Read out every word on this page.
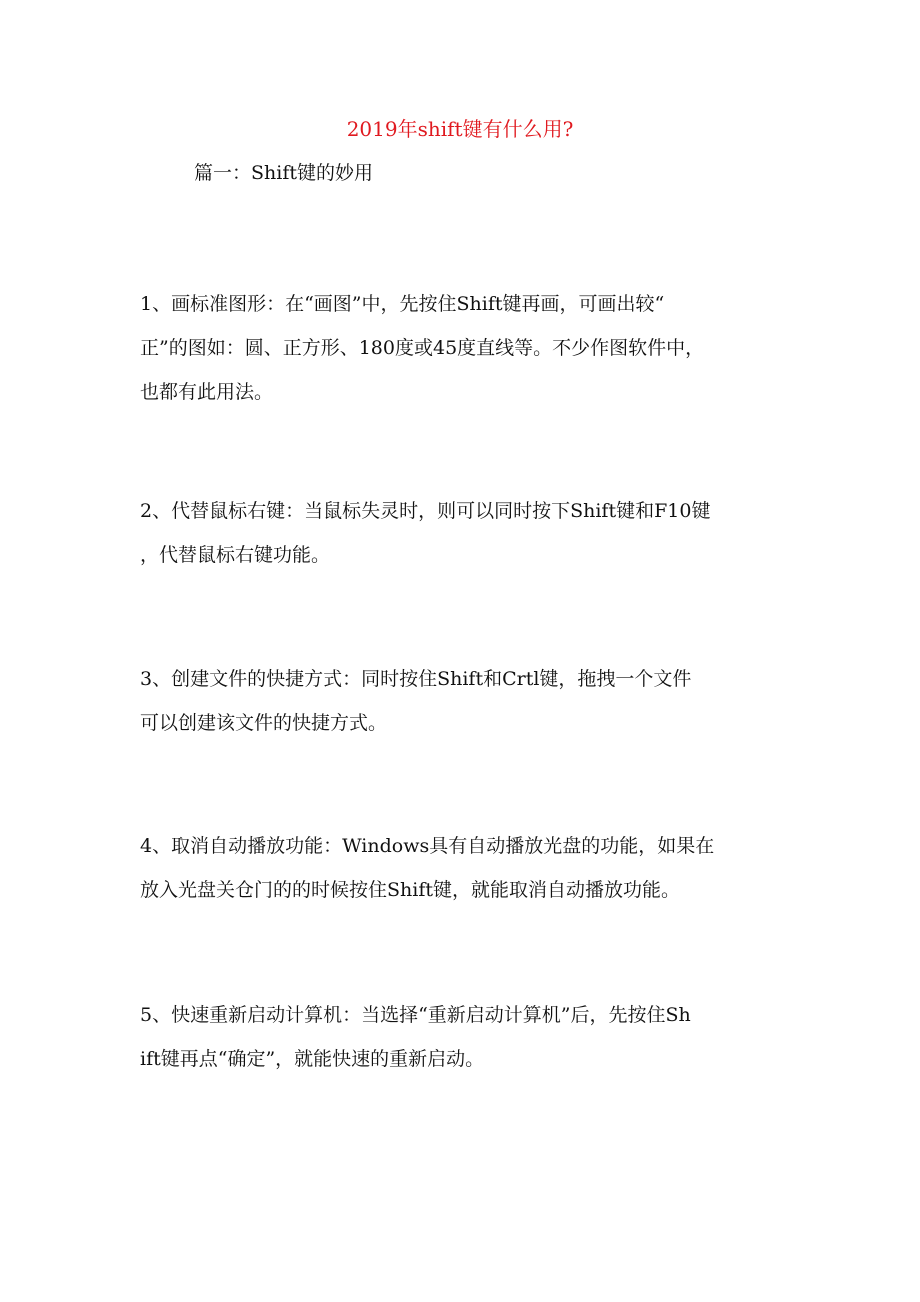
2019年shift键有什么用?
篇一：Shift键的妙用
1、画标准图形：在“画图”中，先按住Shift键再画，可画出较“
正”的图如：圆、正方形、180度或45度直线等。不少作图软件中，
也都有此用法。
2、代替鼠标右键：当鼠标失灵时，则可以同时按下Shift键和F10键
，代替鼠标右键功能。
3、创建文件的快捷方式：同时按住Shift和Crtl键，拖拽一个文件
可以创建该文件的快捷方式。
4、取消自动播放功能：Windows具有自动播放光盘的功能，如果在
放入光盘关仓门的的时候按住Shift键，就能取消自动播放功能。
5、快速重新启动计算机：当选择“重新启动计算机”后，先按住Sh
ift键再点“确定”，就能快速的重新启动。
